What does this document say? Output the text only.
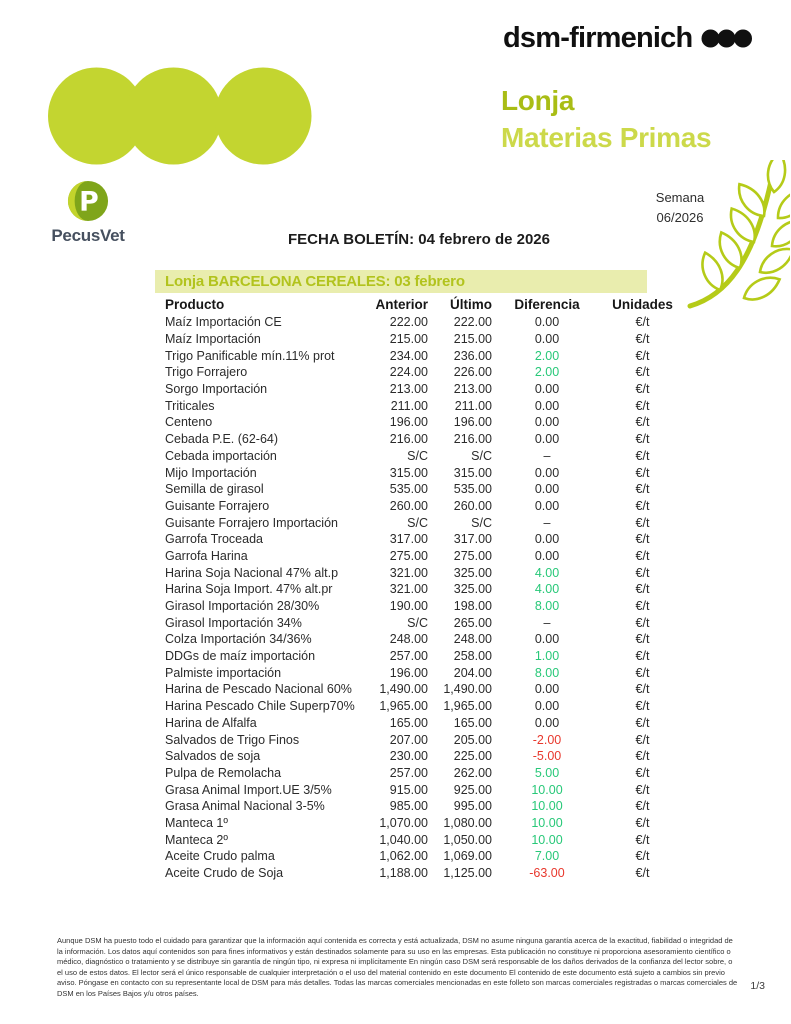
dsm-firmenich
Lonja
Materias Primas
P
PecusVet
Semana
06/2026
FECHA BOLETÍN: 04 febrero de 2026
Lonja BARCELONA CEREALES: 03 febrero
Producto	Anterior	Último	Diferencia	Unidades
Maíz Importación CE	222.00	222.00	0.00	€/t
Maíz Importación	215.00	215.00	0.00	€/t
Trigo Panificable mín.11% prot	234.00	236.00	2.00	€/t
Trigo Forrajero	224.00	226.00	2.00	€/t
Sorgo Importación	213.00	213.00	0.00	€/t
Triticales	211.00	211.00	0.00	€/t
Centeno	196.00	196.00	0.00	€/t
Cebada P.E. (62-64)	216.00	216.00	0.00	€/t
Cebada importación	S/C	S/C	–	€/t
Mijo Importación	315.00	315.00	0.00	€/t
Semilla de girasol	535.00	535.00	0.00	€/t
Guisante Forrajero	260.00	260.00	0.00	€/t
Guisante Forrajero Importación	S/C	S/C	–	€/t
Garrofa Troceada	317.00	317.00	0.00	€/t
Garrofa Harina	275.00	275.00	0.00	€/t
Harina Soja Nacional 47% alt.p	321.00	325.00	4.00	€/t
Harina Soja Import. 47% alt.pr	321.00	325.00	4.00	€/t
Girasol Importación 28/30%	190.00	198.00	8.00	€/t
Girasol Importación 34%	S/C	265.00	–	€/t
Colza Importación 34/36%	248.00	248.00	0.00	€/t
DDGs de maíz importación	257.00	258.00	1.00	€/t
Palmiste importación	196.00	204.00	8.00	€/t
Harina de Pescado Nacional 60%	1,490.00	1,490.00	0.00	€/t
Harina Pescado Chile Superp70%	1,965.00	1,965.00	0.00	€/t
Harina de Alfalfa	165.00	165.00	0.00	€/t
Salvados de Trigo Finos	207.00	205.00	-2.00	€/t
Salvados de soja	230.00	225.00	-5.00	€/t
Pulpa de Remolacha	257.00	262.00	5.00	€/t
Grasa Animal Import.UE 3/5%	915.00	925.00	10.00	€/t
Grasa Animal Nacional 3-5%	985.00	995.00	10.00	€/t
Manteca 1º	1,070.00	1,080.00	10.00	€/t
Manteca 2º	1,040.00	1,050.00	10.00	€/t
Aceite Crudo palma	1,062.00	1,069.00	7.00	€/t
Aceite Crudo de Soja	1,188.00	1,125.00	-63.00	€/t

Aunque DSM ha puesto todo el cuidado para garantizar que la información aquí contenida es correcta y está actualizada, DSM no asume ninguna garantía acerca de la exactitud, fiabilidad o integridad de la información. Los datos aquí contenidos son para fines informativos y están destinados solamente para su uso en las empresas. Esta publicación no constituye ni proporciona asesoramiento científico o médico, diagnóstico o tratamiento y se distribuye sin garantía de ningún tipo, ni expresa ni implícitamente En ningún caso DSM será responsable de los daños derivados de la confianza del lector sobre, o el uso de estos datos. El lector será el único responsable de cualquier interpretación o el uso del material contenido en este documento El contenido de este documento está sujeto a cambios sin previo aviso. Póngase en contacto con su representante local de DSM para más detalles. Todas las marcas comerciales mencionadas en este folleto son marcas comerciales registradas o marcas comerciales de DSM en los Países Bajos y/u otros países.

1/3
